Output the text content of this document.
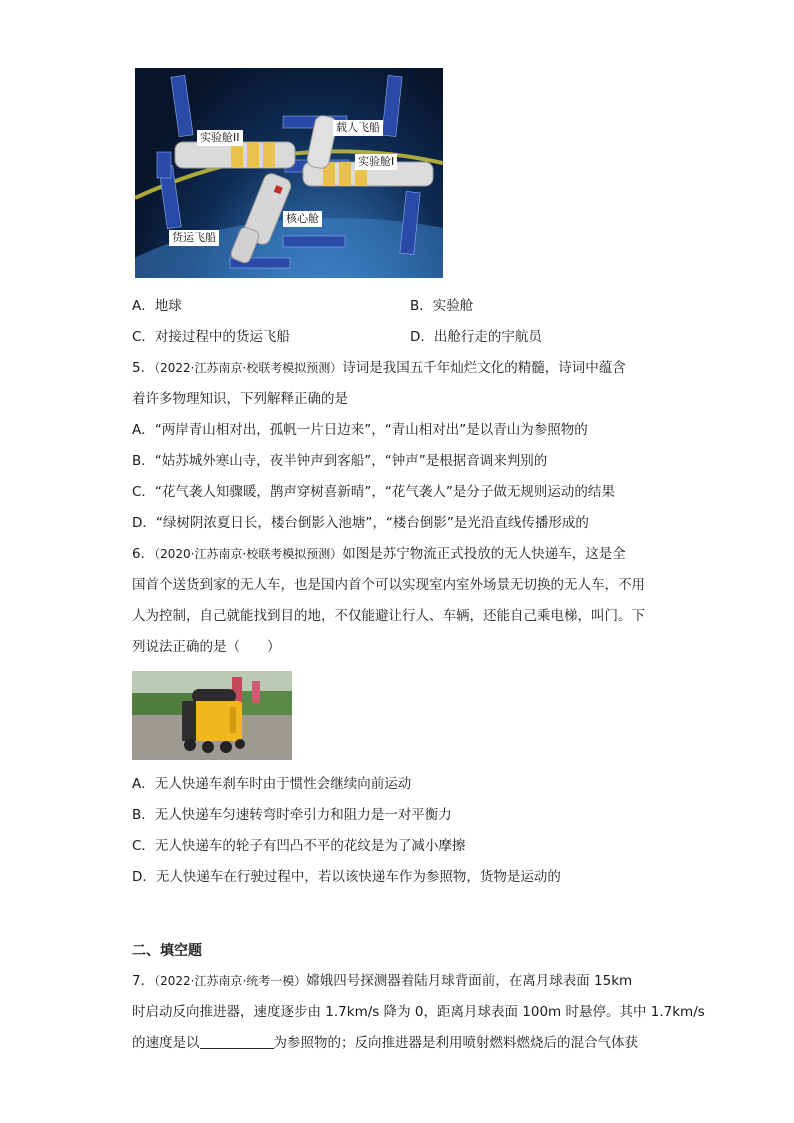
载人飞船
实验舱II
实验舱I
核心舱
货运飞船
A．地球	B．实验舱
C．对接过程中的货运飞船	D．出舱行走的宇航员
5．（2022·江苏南京·校联考模拟预测）诗词是我国五千年灿烂文化的精髓，诗词中蕴含
着许多物理知识，下列解释正确的是
A．“两岸青山相对出，孤帆一片日边来”，“青山相对出”是以青山为参照物的
B．“姑苏城外寒山寺，夜半钟声到客船”，“钟声”是根据音调来判别的
C．“花气袭人知骤暖，鹊声穿树喜新晴”，“花气袭人”是分子做无规则运动的结果
D．“绿树阴浓夏日长，楼台倒影入池塘”，“楼台倒影”是光沿直线传播形成的
6．（2020·江苏南京·校联考模拟预测）如图是苏宁物流正式投放的无人快递车，这是全
国首个送货到家的无人车，也是国内首个可以实现室内室外场景无切换的无人车，不用
人为控制，自己就能找到目的地，不仅能避让行人、车辆，还能自己乘电梯，叫门。下
列说法正确的是（　　）
A．无人快递车刹车时由于惯性会继续向前运动
B．无人快递车匀速转弯时牵引力和阻力是一对平衡力
C．无人快递车的轮子有凹凸不平的花纹是为了减小摩擦
D．无人快递车在行驶过程中，若以该快递车作为参照物，货物是运动的
二、填空题
7．（2022·江苏南京·统考一模）嫦娥四号探测器着陆月球背面前，在离月球表面 15km
时启动反向推进器，速度逐步由 1.7km/s 降为 0，距离月球表面 100m 时悬停。其中 1.7km/s
的速度是以	为参照物的；反向推进器是利用喷射燃料燃烧后的混合气体获
